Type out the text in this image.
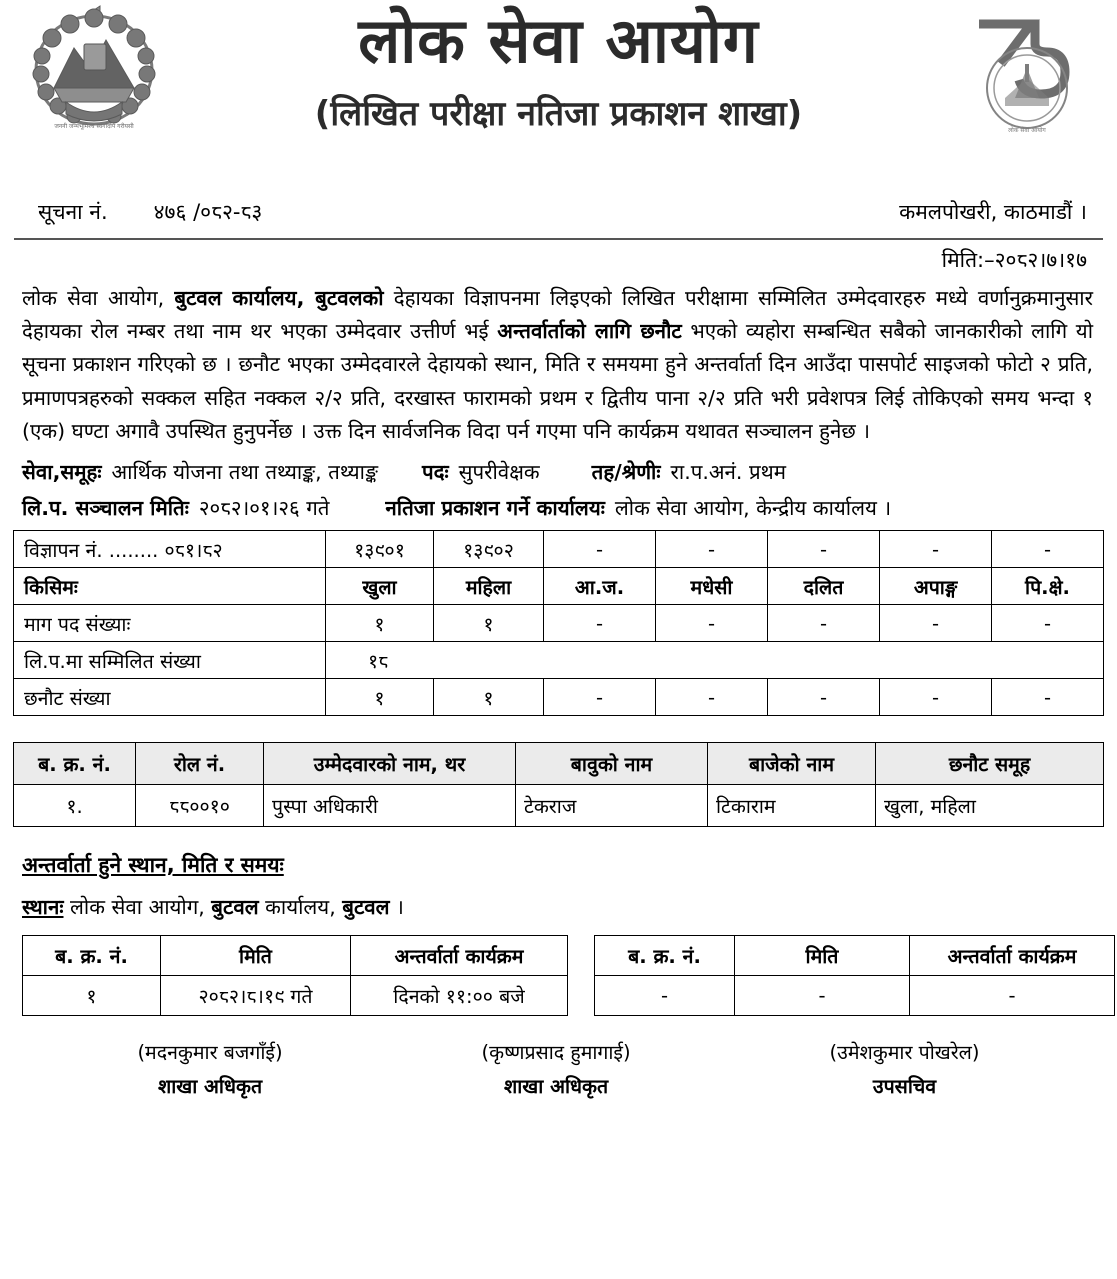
जननी जन्मभूमिश्च स्वर्गादपि गरीयसी
लोक सेवा आयोग
(लिखित परीक्षा नतिजा प्रकाशन शाखा)	लोक सेवा आयोग
सूचना नं. ४७६ /०८२-८३	कमलपोखरी, काठमाडौं ।
मिति:–२०८२।७।१७
लोक सेवा आयोग, बुटवल कार्यालय, बुटवलको देहायका विज्ञापनमा लिइएको लिखित परीक्षामा सम्मिलित उम्मेदवारहरु मध्ये वर्णानुक्रमानुसार देहायका रोल नम्बर तथा नाम थर भएका उम्मेदवार उत्तीर्ण भई अन्तर्वार्ताको लागि छनौट भएको व्यहोरा सम्बन्धित सबैको जानकारीको लागि यो सूचना प्रकाशन गरिएको छ । छनौट भएका उम्मेदवारले देहायको स्थान, मिति र समयमा हुने अन्तर्वार्ता दिन आउँदा पासपोर्ट साइजको फोटो २ प्रति, प्रमाणपत्रहरुको सक्कल सहित नक्कल २/२ प्रति, दरखास्त फारामको प्रथम र द्वितीय पाना २/२ प्रति भरी प्रवेशपत्र लिई तोकिएको समय भन्दा १ (एक) घण्टा अगावै उपस्थित हुनुपर्नेछ । उक्त दिन सार्वजनिक विदा पर्न गएमा पनि कार्यक्रम यथावत सञ्चालन हुनेछ ।
सेवा,समूहः आर्थिक योजना तथा तथ्याङ्क, तथ्याङ्क पदः सुपरीवेक्षक	तह/श्रेणीः रा.प.अनं. प्रथम
लि.प. सञ्चालन मितिः २०८२।०१।२६ गते	नतिजा प्रकाशन गर्ने कार्यालयः लोक सेवा आयोग, केन्द्रीय कार्यालय ।
विज्ञापन नं. ........ ०८१।८२	१३९०१	१३९०२	-	-	-	-	-
किसिमः	खुला	महिला	आ.ज.	मधेसी	दलित	अपाङ्ग	पि.क्षे.
माग पद संख्याः	१	१	-	-	-	-	-
लि.प.मा सम्मिलित संख्या	१८						
छनौट संख्या	१	१	-	-	-	-	-
ब. क्र. नं.	रोल नं.	उम्मेदवारको नाम, थर	बावुको नाम	बाजेको नाम	छनौट समूह
१.	८८००१०	पुस्पा अधिकारी	टेकराज	टिकाराम	खुला, महिला
अन्तर्वार्ता हुने स्थान, मिति र समयः
स्थानः लोक सेवा आयोग, बुटवल कार्यालय, बुटवल ।
ब. क्र. नं.	मिति	अन्तर्वार्ता कार्यक्रम
१	२०८२।८।१९ गते	दिनको ११:०० बजे
ब. क्र. नं.	मिति	अन्तर्वार्ता कार्यक्रम
-	-	-
(मदनकुमार बजगाँई)
शाखा अधिकृत
(कृष्णप्रसाद हुमागाई)
शाखा अधिकृत
(उमेशकुमार पोखरेल)
उपसचिव
